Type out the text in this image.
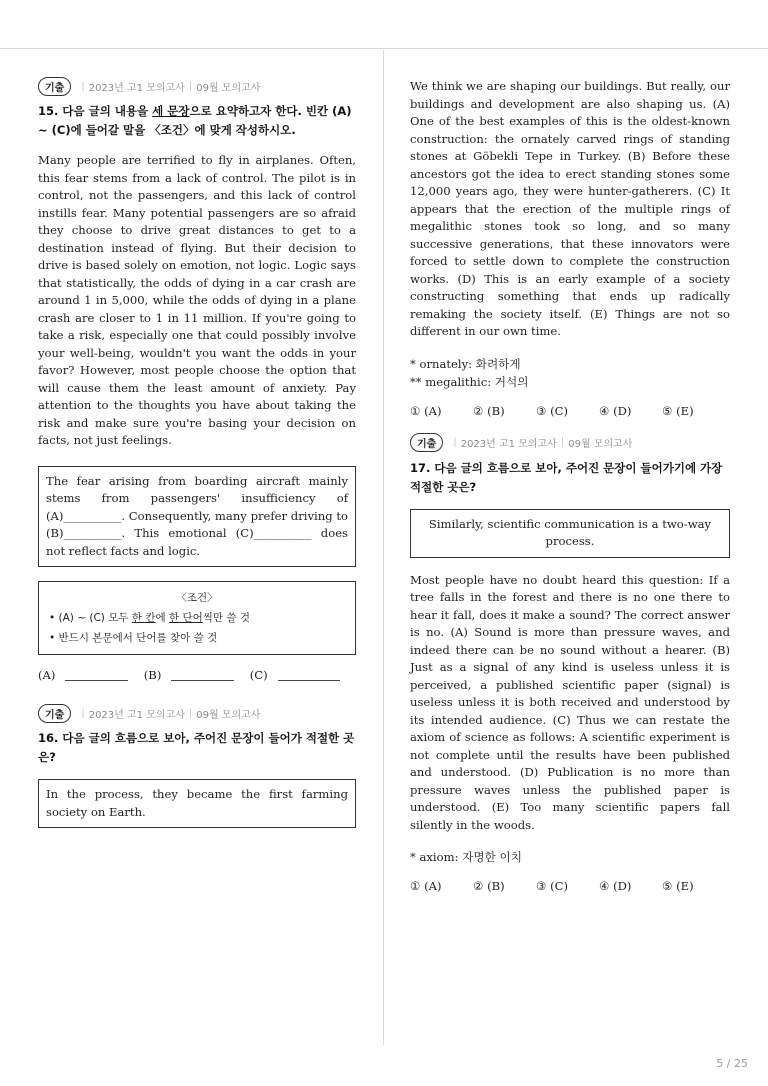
기출	| 2023년 고1 모의고사 | 09월 모의고사
15. 다음 글의 내용을 세 문장으로 요약하고자 한다. 빈칸 (A) ~ (C)에 들어갈 말을 〈조건〉에 맞게 작성하시오.

Many people are terrified to fly in airplanes. Often, this fear stems from a lack of control. The pilot is in control, not the passengers, and this lack of control instills fear. Many potential passengers are so afraid they choose to drive great distances to get to a destination instead of flying. But their decision to drive is based solely on emotion, not logic. Logic says that statistically, the odds of dying in a car crash are around 1 in 5,000, while the odds of dying in a plane crash are closer to 1 in 11 million. If you're going to take a risk, especially one that could possibly involve your well-being, wouldn't you want the odds in your favor? However, most people choose the option that will cause them the least amount of anxiety. Pay attention to the thoughts you have about taking the risk and make sure you're basing your decision on facts, not just feelings.

The fear arising from boarding aircraft mainly stems from passengers' insufficiency of (A)__________. Consequently, many prefer driving to (B)__________. This emotional (C)__________ does not reflect facts and logic.
〈조건〉
• (A) ~ (C) 모두 한 칸에 한 단어씩만 쓸 것
• 반드시 본문에서 단어를 찾아 쓸 것
(A)	(B)	(C)
기출	| 2023년 고1 모의고사 | 09월 모의고사
16. 다음 글의 흐름으로 보아, 주어진 문장이 들어가 적절한 곳은?
In the process, they became the first farming society on Earth.

We think we are shaping our buildings. But really, our buildings and development are also shaping us. (A) One of the best examples of this is the oldest-known construction: the ornately carved rings of standing stones at Göbekli Tepe in Turkey. (B) Before these ancestors got the idea to erect standing stones some 12,000 years ago, they were hunter-gatherers. (C) It appears that the erection of the multiple rings of megalithic stones took so long, and so many successive generations, that these innovators were forced to settle down to complete the construction works. (D) This is an early example of a society constructing something that ends up radically remaking the society itself. (E) Things are not so different in our own time.

* ornately: 화려하게
** megalithic: 거석의
① (A)	② (B)	③ (C)	④ (D)	⑤ (E)
기출	| 2023년 고1 모의고사 | 09월 모의고사
17. 다음 글의 흐름으로 보아, 주어진 문장이 들어가기에 가장 적절한 곳은?
Similarly, scientific communication is a two-way process.

Most people have no doubt heard this question: If a tree falls in the forest and there is no one there to hear it fall, does it make a sound? The correct answer is no. (A) Sound is more than pressure waves, and indeed there can be no sound without a hearer. (B) Just as a signal of any kind is useless unless it is perceived, a published scientific paper (signal) is useless unless it is both received and understood by its intended audience. (C) Thus we can restate the axiom of science as follows: A scientific experiment is not complete until the results have been published and understood. (D) Publication is no more than pressure waves unless the published paper is understood. (E) Too many scientific papers fall silently in the woods.

* axiom: 자명한 이치
① (A)	② (B)	③ (C)	④ (D)	⑤ (E)
5 / 25
